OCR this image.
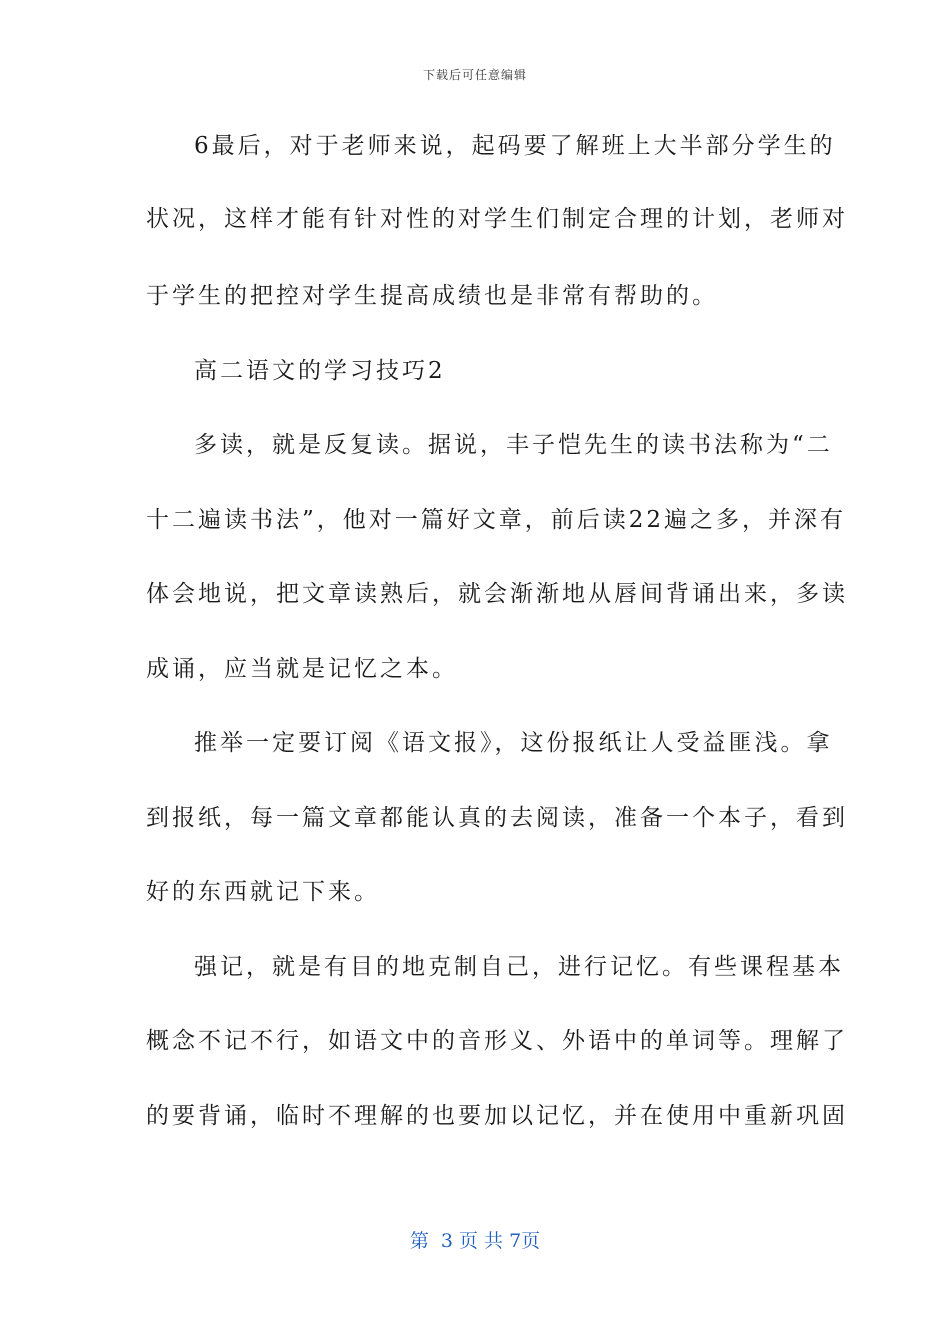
下载后可任意编辑
6最后，对于老师来说，起码要了解班上大半部分学生的
状况，这样才能有针对性的对学生们制定合理的计划，老师对
于学生的把控对学生提高成绩也是非常有帮助的。
高二语文的学习技巧2
多读，就是反复读。据说，丰子恺先生的读书法称为“二
十二遍读书法”，他对一篇好文章，前后读22遍之多，并深有
体会地说，把文章读熟后，就会渐渐地从唇间背诵出来，多读
成诵，应当就是记忆之本。
推举一定要订阅《语文报》，这份报纸让人受益匪浅。拿
到报纸，每一篇文章都能认真的去阅读，准备一个本子，看到
好的东西就记下来。
强记，就是有目的地克制自己，进行记忆。有些课程基本
概念不记不行，如语文中的音形义、外语中的单词等。理解了
的要背诵，临时不理解的也要加以记忆，并在使用中重新巩固
第  3 页 共 7页
